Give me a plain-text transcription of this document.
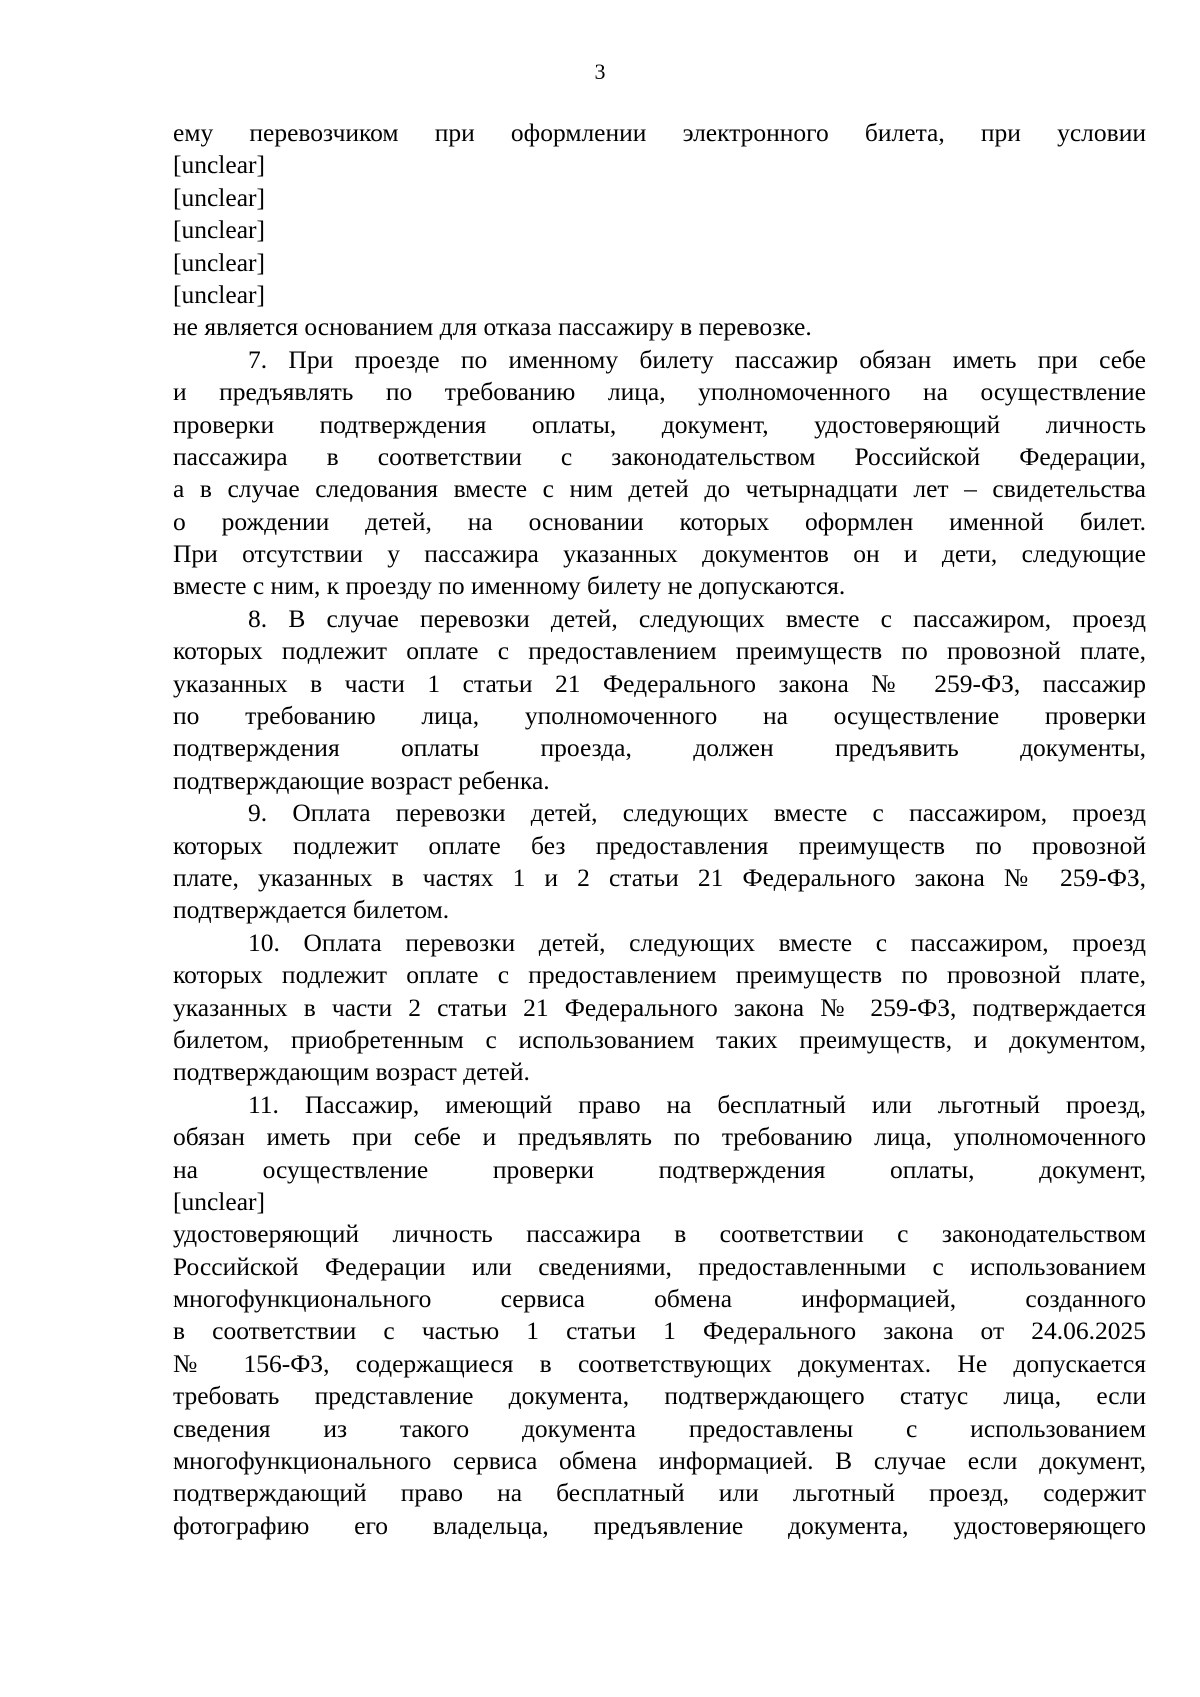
3
ему перевозчиком при оформлении электронного билета, при условии
[unclear]
[unclear]
[unclear]
[unclear]
[unclear]
не является основанием для отказа пассажиру в перевозке.
7. При проезде по именному билету пассажир обязан иметь при себе
и предъявлять по требованию лица, уполномоченного на осуществление
проверки подтверждения оплаты, документ, удостоверяющий личность
пассажира в соответствии с законодательством Российской Федерации,
а в случае следования вместе с ним детей до четырнадцати лет – свидетельства
о рождении детей, на основании которых оформлен именной билет.
При отсутствии у пассажира указанных документов он и дети, следующие
вместе с ним, к проезду по именному билету не допускаются.
8. В случае перевозки детей, следующих вместе с пассажиром, проезд
которых подлежит оплате с предоставлением преимуществ по провозной плате,
указанных в части 1 статьи 21 Федерального закона № 259-ФЗ, пассажир
по требованию лица, уполномоченного на осуществление проверки
подтверждения оплаты проезда, должен предъявить документы,
подтверждающие возраст ребенка.
9. Оплата перевозки детей, следующих вместе с пассажиром, проезд
которых подлежит оплате без предоставления преимуществ по провозной
плате, указанных в частях 1 и 2 статьи 21 Федерального закона № 259-ФЗ,
подтверждается билетом.
10. Оплата перевозки детей, следующих вместе с пассажиром, проезд
которых подлежит оплате с предоставлением преимуществ по провозной плате,
указанных в части 2 статьи 21 Федерального закона № 259-ФЗ, подтверждается
билетом, приобретенным с использованием таких преимуществ, и документом,
подтверждающим возраст детей.
11. Пассажир, имеющий право на бесплатный или льготный проезд,
обязан иметь при себе и предъявлять по требованию лица, уполномоченного
на осуществление проверки подтверждения оплаты, документ,
[unclear]
удостоверяющий личность пассажира в соответствии с законодательством
Российской Федерации или сведениями, предоставленными с использованием
многофункционального сервиса обмена информацией, созданного
в соответствии с частью 1 статьи 1 Федерального закона от 24.06.2025
№ 156-ФЗ, содержащиеся в соответствующих документах. Не допускается
требовать представление документа, подтверждающего статус лица, если
сведения из такого документа предоставлены с использованием
многофункционального сервиса обмена информацией. В случае если документ,
подтверждающий право на бесплатный или льготный проезд, содержит
фотографию его владельца, предъявление документа, удостоверяющего
